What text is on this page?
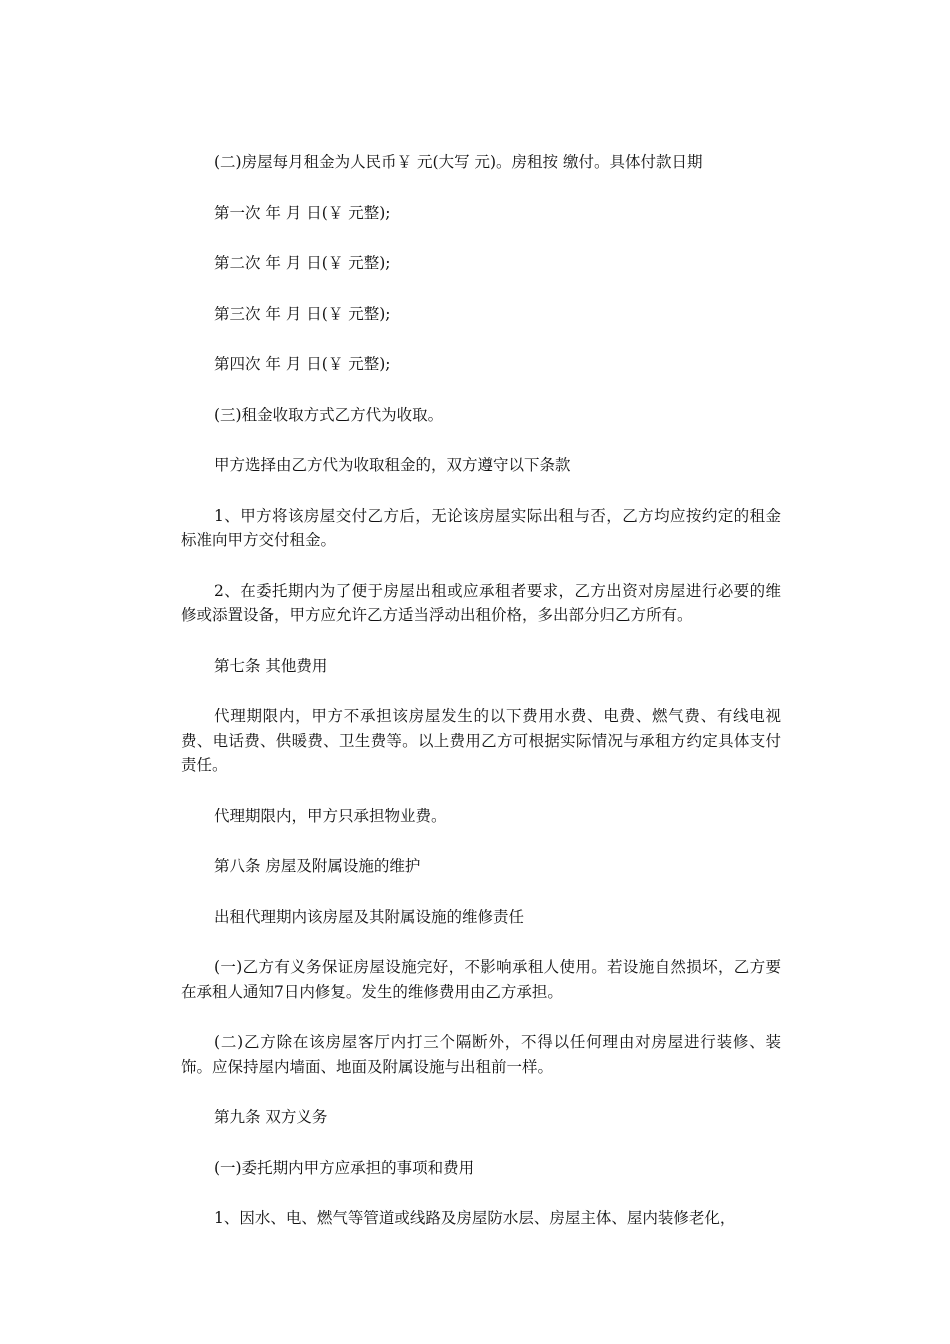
(二)房屋每月租金为人民币￥ 元(大写 元)。房租按 缴付。具体付款日期

第一次 年 月 日(￥ 元整);

第二次 年 月 日(￥ 元整);

第三次 年 月 日(￥ 元整);

第四次 年 月 日(￥ 元整);

(三)租金收取方式乙方代为收取。

甲方选择由乙方代为收取租金的，双方遵守以下条款

1、甲方将该房屋交付乙方后，无论该房屋实际出租与否，乙方均应按约定的租金标准向甲方交付租金。

2、在委托期内为了便于房屋出租或应承租者要求，乙方出资对房屋进行必要的维修或添置设备，甲方应允许乙方适当浮动出租价格，多出部分归乙方所有。

第七条 其他费用

代理期限内，甲方不承担该房屋发生的以下费用水费、电费、燃气费、有线电视费、电话费、供暖费、卫生费等。以上费用乙方可根据实际情况与承租方约定具体支付责任。

代理期限内，甲方只承担物业费。

第八条 房屋及附属设施的维护

出租代理期内该房屋及其附属设施的维修责任

(一)乙方有义务保证房屋设施完好，不影响承租人使用。若设施自然损坏，乙方要在承租人通知7日内修复。发生的维修费用由乙方承担。

(二)乙方除在该房屋客厅内打三个隔断外，不得以任何理由对房屋进行装修、装饰。应保持屋内墙面、地面及附属设施与出租前一样。

第九条 双方义务

(一)委托期内甲方应承担的事项和费用

1、因水、电、燃气等管道或线路及房屋防水层、房屋主体、屋内装修老化，
